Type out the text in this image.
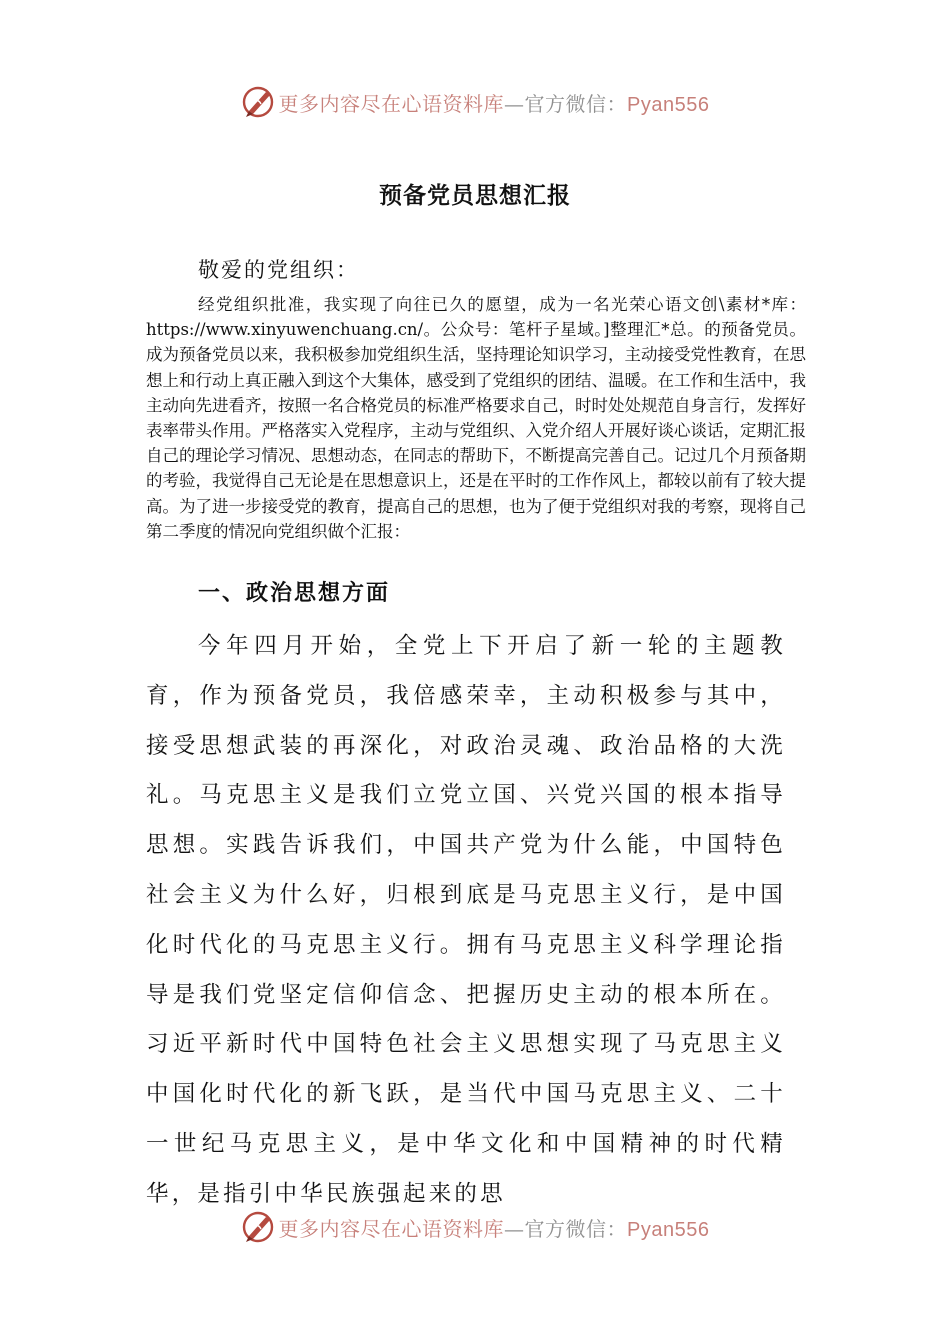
更多内容尽在心语资料库—官方微信：Pyan556
预备党员思想汇报
敬爱的党组织：

经党组织批准，我实现了向往已久的愿望，成为一名光荣心语文创\素材*库：https://www.xinyuwenchuang.cn/。公众号：笔杆子星域。]整理汇*总。的预备党员。成为预备党员以来，我积极参加党组织生活，坚持理论知识学习，主动接受党性教育，在思想上和行动上真正融入到这个大集体，感受到了党组织的团结、温暖。在工作和生活中，我主动向先进看齐，按照一名合格党员的标准严格要求自己，时时处处规范自身言行，发挥好表率带头作用。严格落实入党程序，主动与党组织、入党介绍人开展好谈心谈话，定期汇报自己的理论学习情况、思想动态，在同志的帮助下，不断提高完善自己。记过几个月预备期的考验，我觉得自己无论是在思想意识上，还是在平时的工作作风上，都较以前有了较大提高。为了进一步接受党的教育，提高自己的思想，也为了便于党组织对我的考察，现将自己第二季度的情况向党组织做个汇报：

一、政治思想方面

今年四月开始，全党上下开启了新一轮的主题教育，作为预备党员，我倍感荣幸，主动积极参与其中，接受思想武装的再深化，对政治灵魂、政治品格的大洗礼。马克思主义是我们立党立国、兴党兴国的根本指导思想。实践告诉我们，中国共产党为什么能，中国特色社会主义为什么好，归根到底是马克思主义行，是中国化时代化的马克思主义行。拥有马克思主义科学理论指导是我们党坚定信仰信念、把握历史主动的根本所在。习近平新时代中国特色社会主义思想实现了马克思主义中国化时代化的新飞跃，是当代中国马克思主义、二十一世纪马克思主义，是中华文化和中国精神的时代精华，是指引中华民族强起来的思

更多内容尽在心语资料库—官方微信：Pyan556
